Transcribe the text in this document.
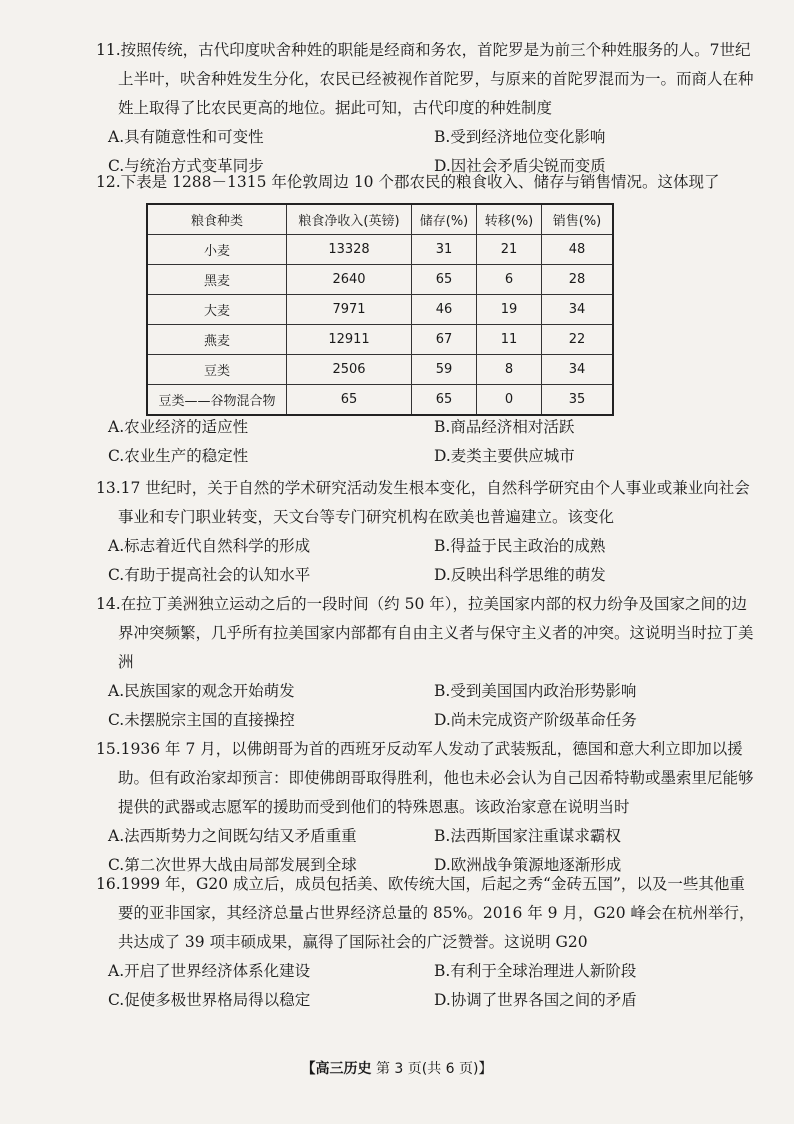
11.按照传统，古代印度吠舍种姓的职能是经商和务农，首陀罗是为前三个种姓服务的人。7世纪上半叶，吠舍种姓发生分化，农民已经被视作首陀罗，与原来的首陀罗混而为一。而商人在种姓上取得了比农民更高的地位。据此可知，古代印度的种姓制度

A.具有随意性和可变性	B.受到经济地位变化影响
C.与统治方式变革同步	D.因社会矛盾尖锐而变质

12.下表是 1288－1315 年伦敦周边 10 个郡农民的粮食收入、储存与销售情况。这体现了

粮食种类	粮食净收入(英镑)	储存(%)	转移(%)	销售(%)
小麦	13328	31	21	48
黑麦	2640	65	6	28
大麦	7971	46	19	34
燕麦	12911	67	11	22
豆类	2506	59	8	34
豆类——谷物混合物	65	65	0	35
A.农业经济的适应性	B.商品经济相对活跃
C.农业生产的稳定性	D.麦类主要供应城市

13.17 世纪时，关于自然的学术研究活动发生根本变化，自然科学研究由个人事业或兼业向社会事业和专门职业转变，天文台等专门研究机构在欧美也普遍建立。该变化

A.标志着近代自然科学的形成	B.得益于民主政治的成熟
C.有助于提高社会的认知水平	D.反映出科学思维的萌发

14.在拉丁美洲独立运动之后的一段时间（约 50 年），拉美国家内部的权力纷争及国家之间的边界冲突频繁，几乎所有拉美国家内部都有自由主义者与保守主义者的冲突。这说明当时拉丁美洲

A.民族国家的观念开始萌发	B.受到美国国内政治形势影响
C.未摆脱宗主国的直接操控	D.尚未完成资产阶级革命任务

15.1936 年 7 月，以佛朗哥为首的西班牙反动军人发动了武装叛乱，德国和意大利立即加以援助。但有政治家却预言：即使佛朗哥取得胜利，他也未必会认为自己因希特勒或墨索里尼能够提供的武器或志愿军的援助而受到他们的特殊恩惠。该政治家意在说明当时

A.法西斯势力之间既勾结又矛盾重重	B.法西斯国家注重谋求霸权
C.第二次世界大战由局部发展到全球	D.欧洲战争策源地逐渐形成

16.1999 年，G20 成立后，成员包括美、欧传统大国，后起之秀“金砖五国”，以及一些其他重要的亚非国家，其经济总量占世界经济总量的 85%。2016 年 9 月，G20 峰会在杭州举行，共达成了 39 项丰硕成果，赢得了国际社会的广泛赞誉。这说明 G20

A.开启了世界经济体系化建设	B.有利于全球治理进人新阶段
C.促使多极世界格局得以稳定	D.协调了世界各国之间的矛盾
【高三历史 第 3 页(共 6 页)】
